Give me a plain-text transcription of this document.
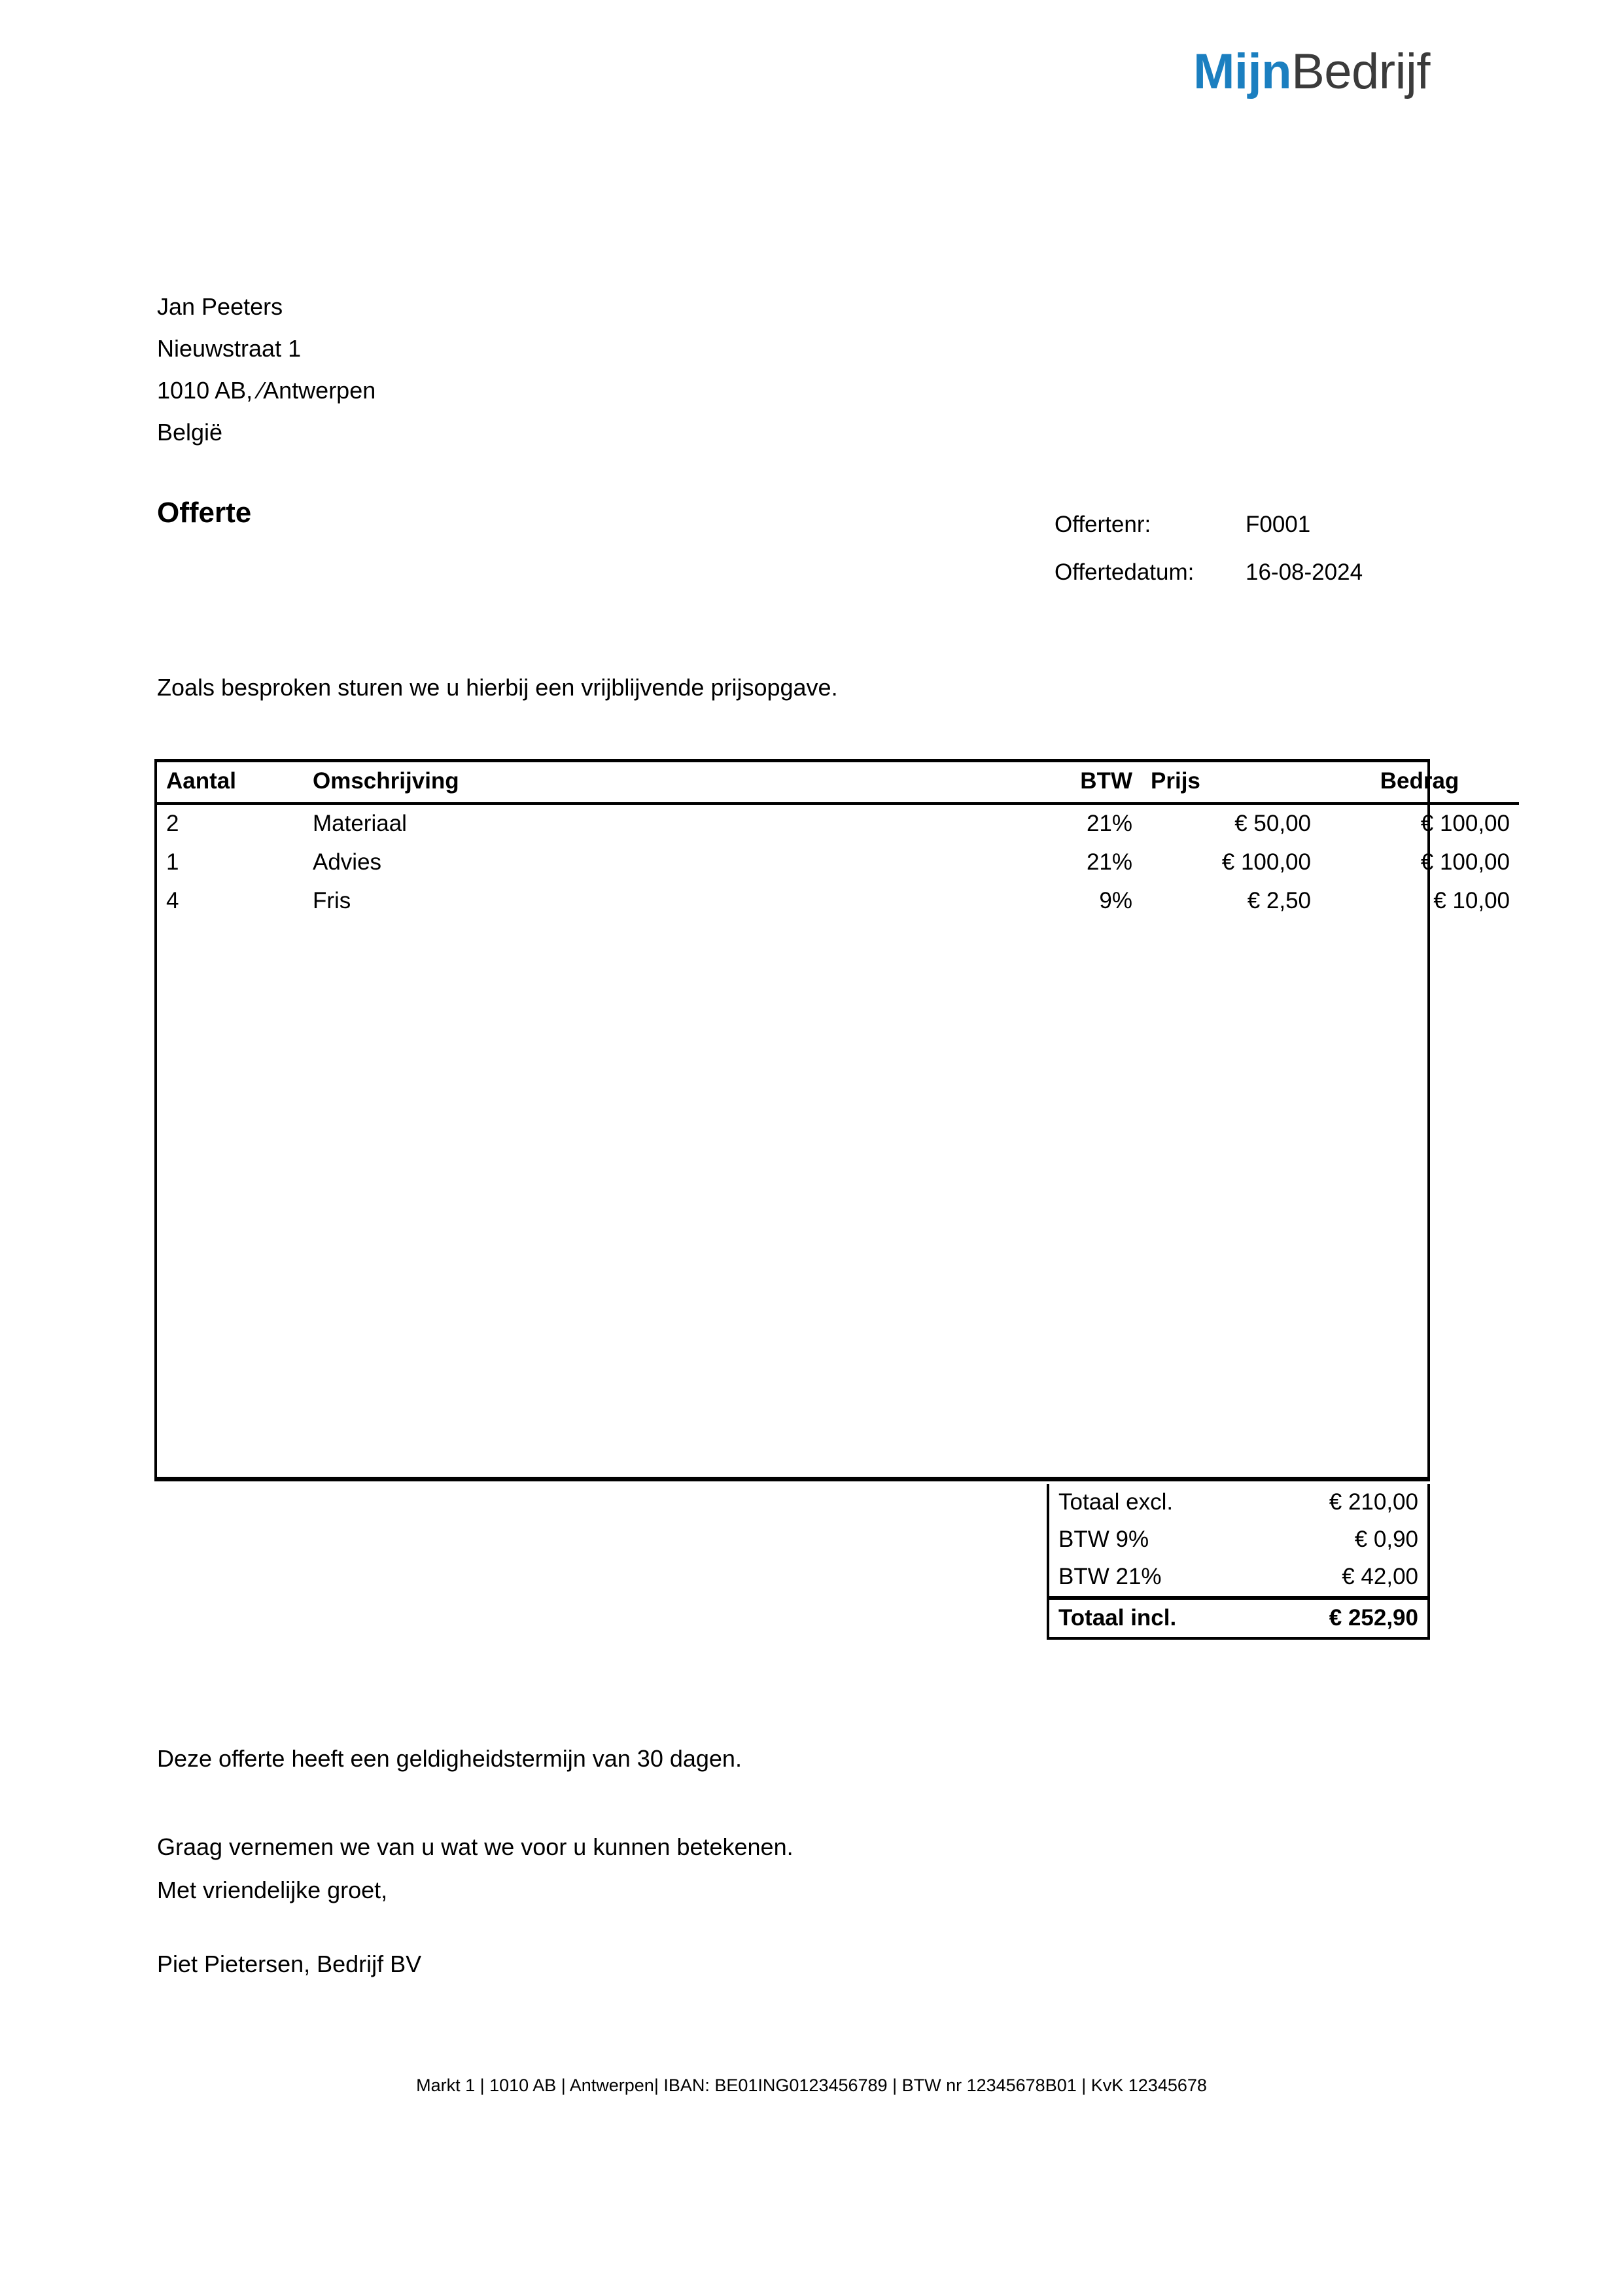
MijnBedrijf
Jan Peeters
Nieuwstraat 1
1010 AB, ⁄Antwerpen
België
Offerte	Offertenr:	F0001
Offertedatum:	16-08-2024
Zoals besproken sturen we u hierbij een vrijblijvende prijsopgave.
Aantal	Omschrijving	BTW	Prijs	Bedrag
2	Materiaal	21%	€ 50,00	€ 100,00
1	Advies	21%	€ 100,00	€ 100,00
4	Fris	9%	€ 2,50	€ 10,00
Totaal excl.	€ 210,00
BTW 9%	€ 0,90
BTW 21%	€ 42,00
Totaal incl.	€ 252,90
Deze offerte heeft een geldigheidstermijn van 30 dagen.
Graag vernemen we van u wat we voor u kunnen betekenen.
Met vriendelijke groet,
Piet Pietersen, Bedrijf BV
Markt 1 | 1010 AB | Antwerpen| IBAN: BE01ING0123456789 | BTW nr 12345678B01 | KvK 12345678
